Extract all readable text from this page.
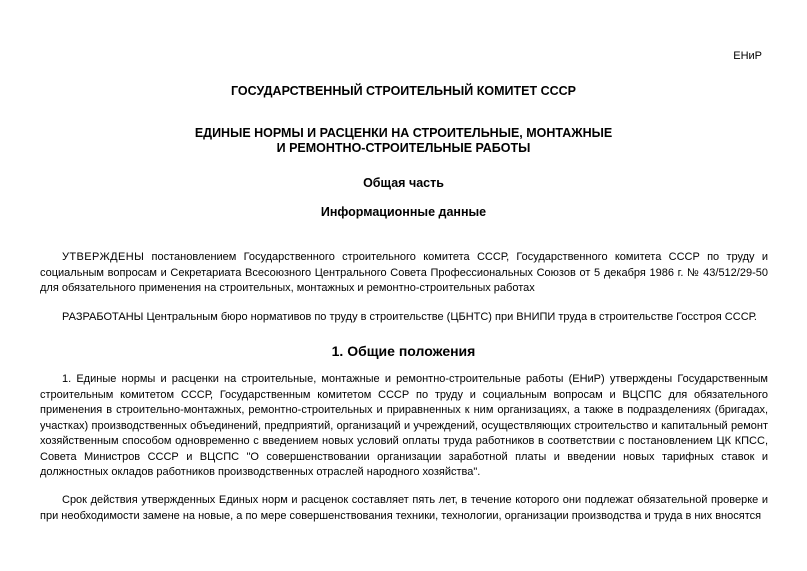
ЕНиР
ГОСУДАРСТВЕННЫЙ СТРОИТЕЛЬНЫЙ КОМИТЕТ СССР
ЕДИНЫЕ НОРМЫ И РАСЦЕНКИ НА СТРОИТЕЛЬНЫЕ, МОНТАЖНЫЕ
И РЕМОНТНО-СТРОИТЕЛЬНЫЕ РАБОТЫ
Общая часть
Информационные данные
УТВЕРЖДЕНЫ постановлением Государственного строительного комитета СССР, Государственного комитета СССР по труду и социальным вопросам и Секретариата Всесоюзного Центрального Совета Профессиональных Союзов от 5 декабря 1986 г. № 43/512/29-50 для обязательного применения на строительных, монтажных и ремонтно-строительных работах
РАЗРАБОТАНЫ Центральным бюро нормативов по труду в строительстве (ЦБНТС) при ВНИПИ труда в строительстве Госстроя СССР.
1. Общие положения
1. Единые нормы и расценки на строительные, монтажные и ремонтно-строительные работы (ЕНиР) утверждены Государственным строительным комитетом СССР, Государственным комитетом СССР по труду и социальным вопросам и ВЦСПС для обязательного применения в строительно-монтажных, ремонтно-строительных и приравненных к ним организациях, а также в подразделениях (бригадах, участках) производственных объединений, предприятий, организаций и учреждений, осуществляющих строительство и капитальный ремонт хозяйственным способом одновременно с введением новых условий оплаты труда работников в соответствии с постановлением ЦК КПСС, Совета Министров СССР и ВЦСПС "О совершенствовании организации заработной платы и введении новых тарифных ставок и должностных окладов работников производственных отраслей народного хозяйства".
Срок действия утвержденных Единых норм и расценок составляет пять лет, в течение которого они подлежат обязательной проверке и при необходимости замене на новые, а по мере совершенствования техники, технологии, организации производства и труда в них вносятся
